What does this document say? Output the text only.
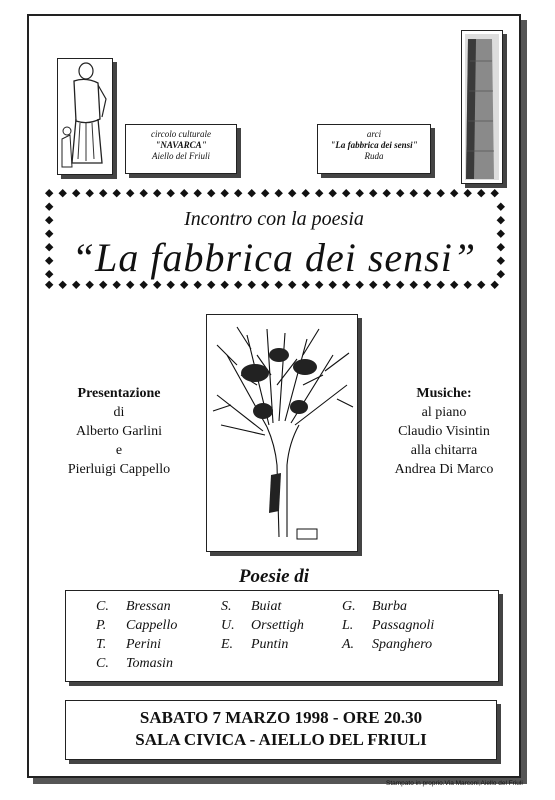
circolo culturale
"NAVARCA"
Aiello del Friuli
arci
"La fabbrica dei sensi"
Ruda
Incontro con la poesia
“La fabbrica dei sensi”
Presentazione
di
Alberto Garlini
e
Pierluigi Cappello
Musiche:
al piano
Claudio Visintin
alla chitarra
Andrea Di Marco
Poesie di
C. Bressan
P. Cappello
T. Perini
C. Tomasin
S. Buiat
U. Orsettigh
E. Puntin
G. Burba
L. Passagnoli
A. Spanghero
SABATO 7 MARZO 1998 - ORE 20.30
SALA CIVICA - AIELLO DEL FRIULI
Stampato in proprio.Via Marconi,Aiello del Friuli
